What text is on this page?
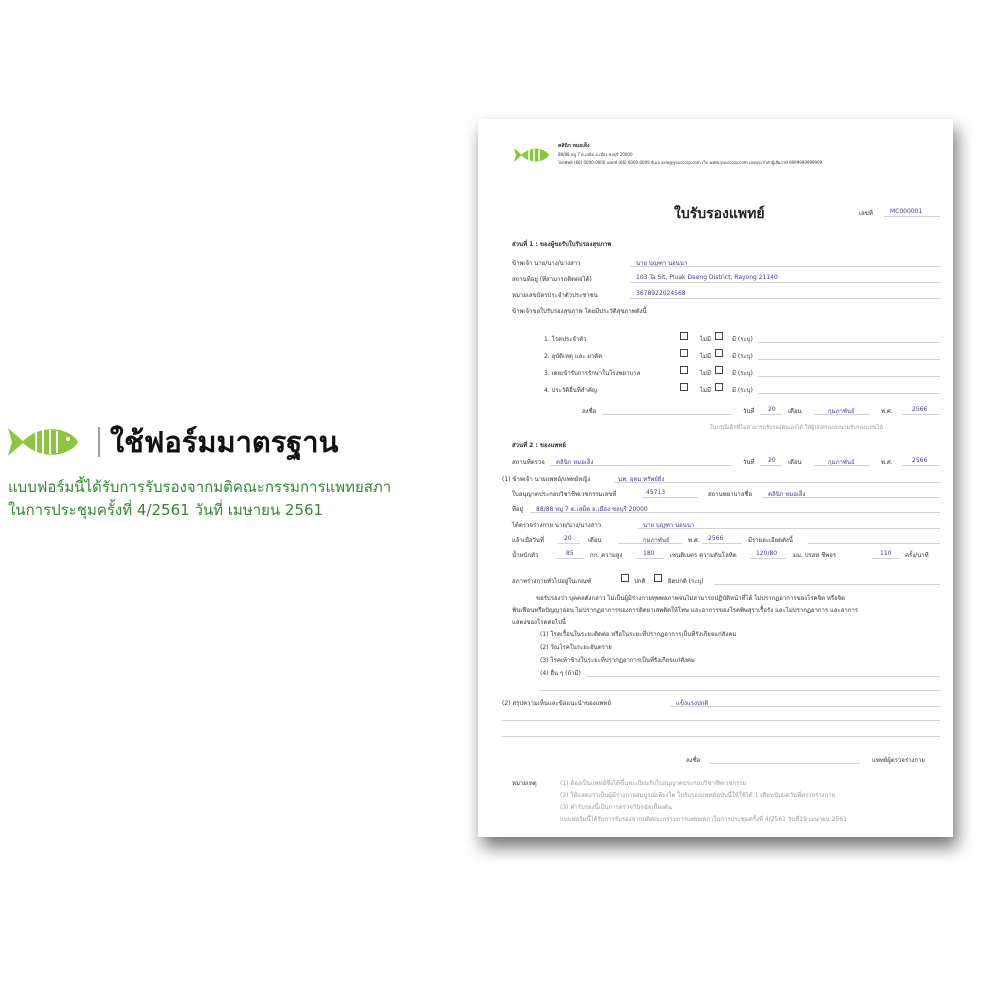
ใช้ฟอร์มมาตรฐาน
แบบฟอร์มนี้ได้รับการรับรองจากมติคณะกรรมการแพทยสภา
ในการประชุมครั้งที่ 4/2561 วันที่ เมษายน 2561
คลินิก หมอเส็ง
88/88 หมู่ 7 ต.เสม็ด อ.เมือง ชลบุรี 20000
โทรศัพท์ (66) 0000-0000 แฟกซ์ (66) 0000-0009 อีเมล sale@yourcorp.com เว็บ www.yourcorp.com เลขประจำตัวผู้เสียภาษี 9999999999999
ใบรับรองแพทย์	เลขที่	MC000001
ส่วนที่ 1 : ของผู้ขอรับใบรับรองสุขภาพ
ข้าพเจ้า นาย/นาง/นางสาว	นาย บุญฑา นอนนา
สถานที่อยู่ (ที่สามารถติดต่อได้)	103 Ta Sit, Pluak Daeng District, Rayong 21140
หมายเลขบัตรประจำตัวประชาชน	3678922024568
ข้าพเจ้าขอใบรับรองสุขภาพ โดยมีประวัติสุขภาพดังนี้
1. โรคประจำตัว	ไม่มี	มี (ระบุ)
2. อุบัติเหตุ และ ผ่าตัด	ไม่มี	มี (ระบุ)
3. เคยเข้ารับการรักษาในโรงพยาบาล	ไม่มี	มี (ระบุ)
4. ประวัติอื่นที่สำคัญ	ไม่มี	มี (ระบุ)
ลงชื่อ	วันที่ 20 เดือน	กุมภาพันธ์	พ.ศ.	2566
ในกรณีเด็กที่ไม่สามารถรับรองตนเองได้ ให้ผู้ปกครองลงนามรับรองแทนได้
ส่วนที่ 2 : ของแพทย์
สถานที่ตรวจ คลินิก หมอเส็ง	วันที่ 20 เดือน	กุมภาพันธ์	พ.ศ.	2566
(1) ข้าพเจ้า นายแพทย์/แพทย์หญิง	นพ. อุดม ทรัพย์ยิ่ง
ใบอนุญาตประกอบวิชาชีพเวชกรรมเลขที่	45713	สถานพยาบาลชื่อ	คลินิก หมอเส็ง
ที่อยู่ 88/88 หมู่ 7 ต.เสม็ด อ.เมือง ชลบุรี 20000
ได้ตรวจร่างกาย นาย/นาง/นางสาว	นาย บุญฑา นอนนา
แล้วเมื่อวันที่	20	เดือน	กุมภาพันธ์	พ.ศ. 2566	มีรายละเอียดดังนี้
น้ำหนักตัว	85	กก. ความสูง	180	เซนติเมตร ความดันโลหิต	120/80	มม. ปรอท ชีพจร	110 ครั้ง/นาที
สภาพร่างกายทั่วไปอยู่ในเกณฑ์	ปกติ	ผิดปกติ (ระบุ)
ขอรับรองว่า บุคคลดังกล่าว ไม่เป็นผู้มีร่างกายทุพพลภาพจนไม่สามารถปฏิบัติหน้าที่ได้ ไม่ปรากฏอาการของโรคจิต หรือจิต
ฟั่นเฟือนหรือปัญญาอ่อน ไม่ปรากฏอาการของการติดยาเสพติดให้โทษ และอาการของโรคพิษสุราเรื้อรัง และไม่ปรากฏอาการ และอาการ
แสดงของโรคต่อไปนี้
(1) โรคเรื้อนในระยะติดต่อ หรือในระยะที่ปรากฏอาการเป็นที่รังเกียจแก่สังคม
(2) วัณโรคในระยะอันตราย
(3) โรคเท้าช้างในระยะที่ปรากฏอาการเป็นที่รังเกียจแก่สังคม
(4) อื่น ๆ (ถ้ามี)
(2) สรุปความเห็นและข้อแนะนำของแพทย์	แข็งแรงปกติ
ลงชื่อ	แพทย์ผู้ตรวจร่างกาย
หมายเหตุ	(1) ต้องเป็นแพทย์ซึ่งได้ขึ้นทะเบียนรับใบอนุญาตประกอบวิชาชีพเวชกรรม
(2) ให้แสดงว่าเป็นผู้มีร่างกายสมบูรณ์เพียงใด ใบรับรองแพทย์ฉบับนี้ให้ใช้ได้ 1 เดือนนับแต่วันที่ตรวจร่างกาย
(3) คำรับรองนี้เป็นการตรวจวินิจฉัยเบื้องต้น
แบบฟอร์มนี้ได้รับการรับรองจากมติคณะกรรมการแพทยสภาในการประชุมครั้งที่ 4/2561 วันที่19 เมษายน 2561
